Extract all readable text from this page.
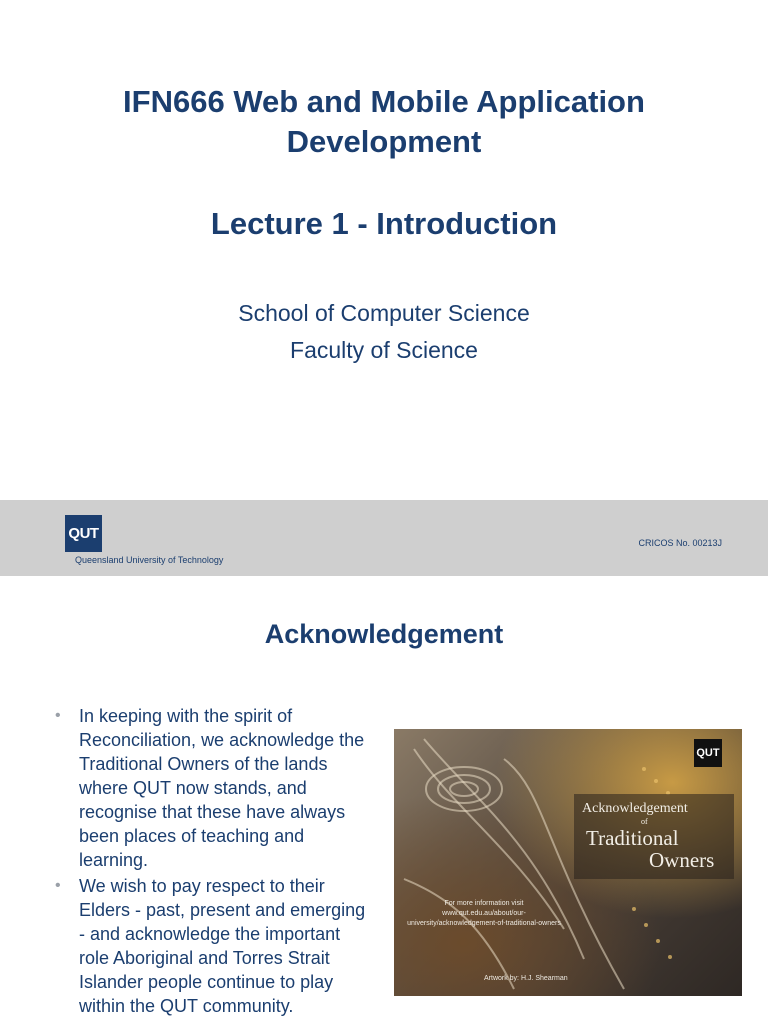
IFN666 Web and Mobile Application
Development
Lecture 1 - Introduction
School of Computer Science
Faculty of Science
QUT
Queensland University of Technology
CRICOS No. 00213J
Acknowledgement
• In keeping with the spirit of Reconciliation, we acknowledge the Traditional Owners of the lands where QUT now stands, and recognise that these have always been places of teaching and learning.
• We wish to pay respect to their Elders - past, present and emerging - and acknowledge the important role Aboriginal and Torres Strait Islander people continue to play within the QUT community.
QUT
Acknowledgement
of
Traditional
Owners
For more information visit www.qut.edu.au/about/our-university/acknowledgement-of-traditional-owners
Artwork by: H.J. Shearman
